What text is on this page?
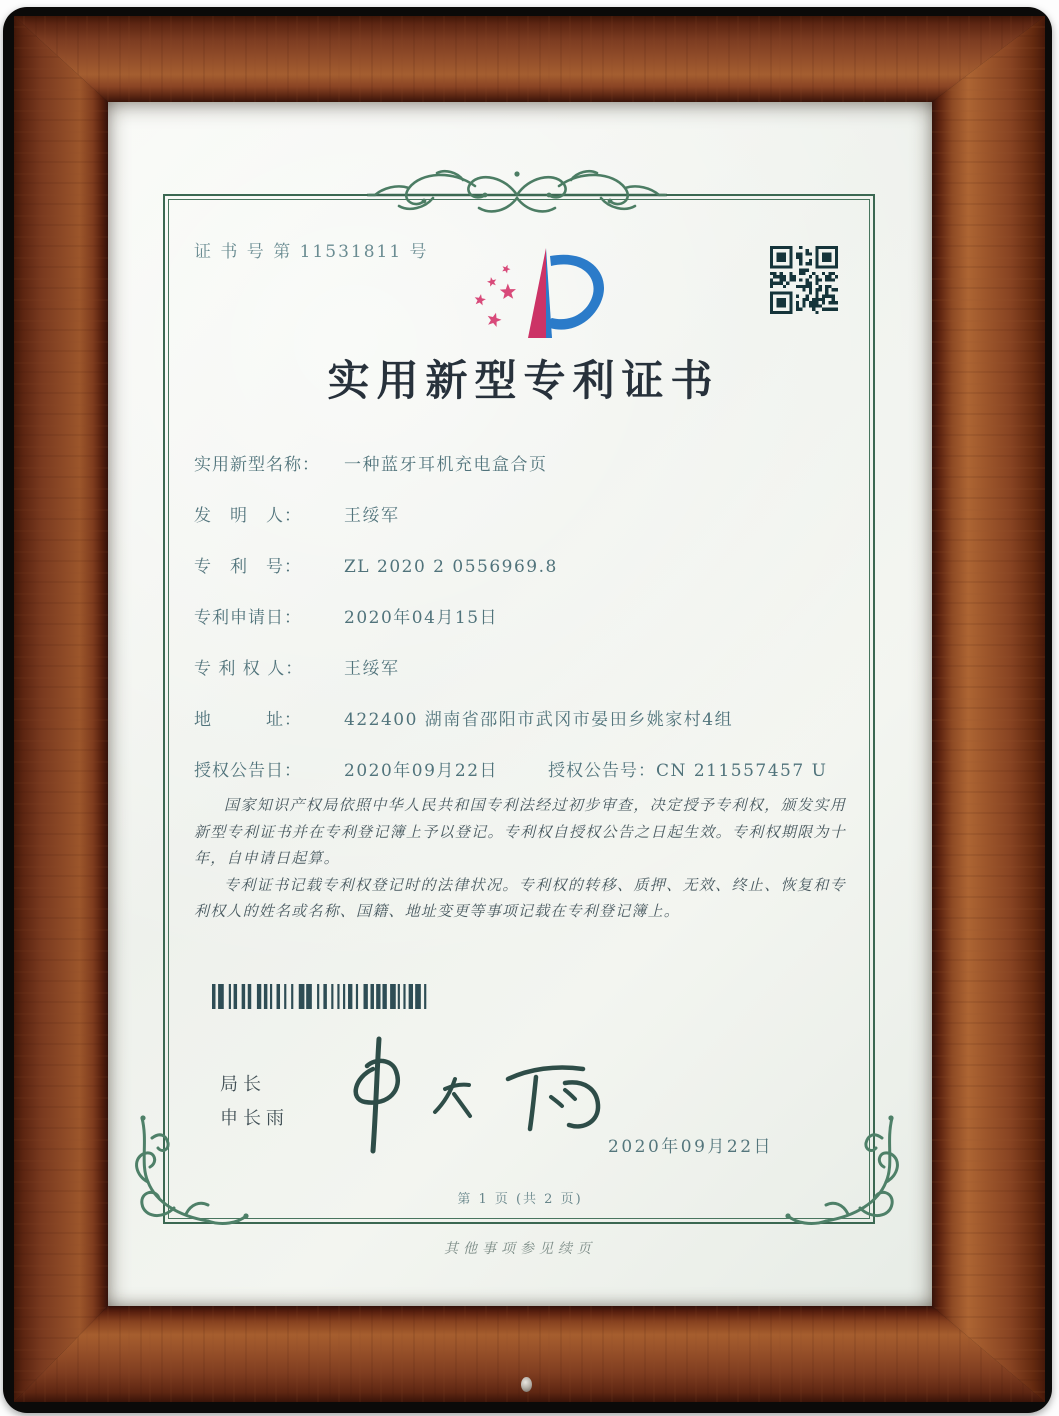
证 书 号 第 11531811 号
实用新型专利证书
实用新型名称： 一种蓝牙耳机充电盒合页
发　明　人： 王绥军
专　利　号： ZL 2020 2 0556969.8
专利申请日： 2020年04月15日
专 利 权 人： 王绥军
地　　　址： 422400 湖南省邵阳市武冈市晏田乡姚家村4组
授权公告日： 2020年09月22日	授权公告号：CN 211557457 U

国家知识产权局依照中华人民共和国专利法经过初步审查，决定授予专利权，颁发实用新型专利证书并在专利登记簿上予以登记。专利权自授权公告之日起生效。专利权期限为十年，自申请日起算。

专利证书记载专利权登记时的法律状况。专利权的转移、质押、无效、终止、恢复和专利权人的姓名或名称、国籍、地址变更等事项记载在专利登记簿上。

局长
申长雨
2020年09月22日
第 1 页 (共 2 页)
其他事项参见续页
